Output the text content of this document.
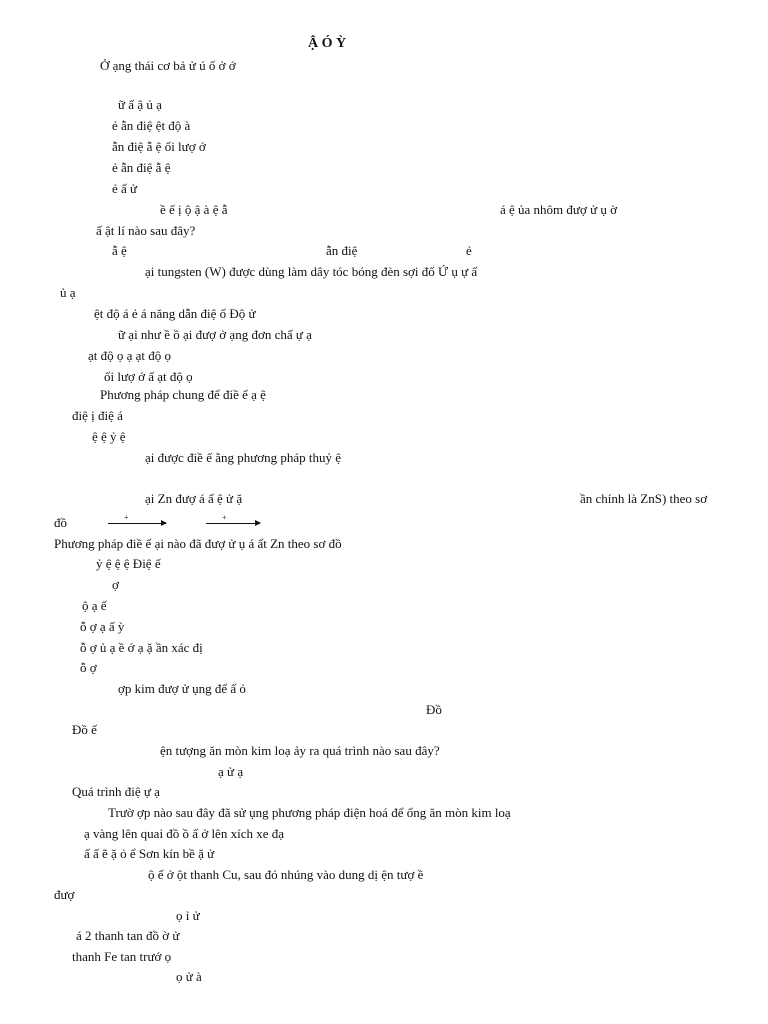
Ậ Ó Ỳ
Ở ạng thái cơ bả ử ú ố ở ớ
ữ ấ ậ ủ ạ
ẻ ẫn điệ ệt độ à
ẫn điệ ẫ ệ ối lượ ớ
ẻ ẫn điệ ẫ ệ
ẻ ấ ử
ề ế ị ộ ậ à ệ ẫ	á ệ ủa nhôm đượ ử ụ ờ
ấ ật lí nào sau đây?
ẫ ệ	ẫn điệ	ẻ
ại tungsten (W) được dùng làm dây tóc bóng đèn sợi đố Ứ ụ ự ấ
ủ ạ
ệt độ á ẻ á năng dẫn điệ ố Độ ử
ữ ại như ề ồ ại đượ ở ạng đơn chấ ự ạ
ạt độ ọ ạ ạt độ ọ
ối lượ ớ ấ ạt độ ọ
Phương pháp chung để điề ế ạ ệ
điệ ị điệ á
ệ ệ ỷ ệ
ại được điề ế ằng phương pháp thuỷ ệ
ại Zn đượ á ấ ệ ử ặ	ần chính là ZnS) theo sơ
đồ	+	+
Phương pháp điề ế ại nào đã đượ ử ụ á ất Zn theo sơ đồ
ỷ ệ ệ ệ Điệ ế
ợ
ộ ạ ế
ỗ ợ ạ ấ ỳ
ỗ ợ ủ ạ ề ớ ạ ặ ần xác đị
ỗ ợ
ợp kim đượ ử ụng để ấ ỏ
Đồ
Đồ ế
ện tượng ăn mòn kim loạ ảy ra quá trình nào sau đây?
ạ ử ạ
Quá trình điệ ự ạ
Trườ ợp nào sau đây đã sử ụng phương pháp điện hoá để ống ăn mòn kim loạ
ạ vàng lên quai đồ ồ ấ ở lên xích xe đạ
ấ ấ ẽ ặ ỏ ể Sơn kín bề ặ ử
ộ ế ở ột thanh Cu, sau đó nhúng vào dung dị ện tượ ề
đượ
ọ ỉ ử
á 2 thanh tan đồ ờ ử
thanh Fe tan trướ ọ
ọ ử à
